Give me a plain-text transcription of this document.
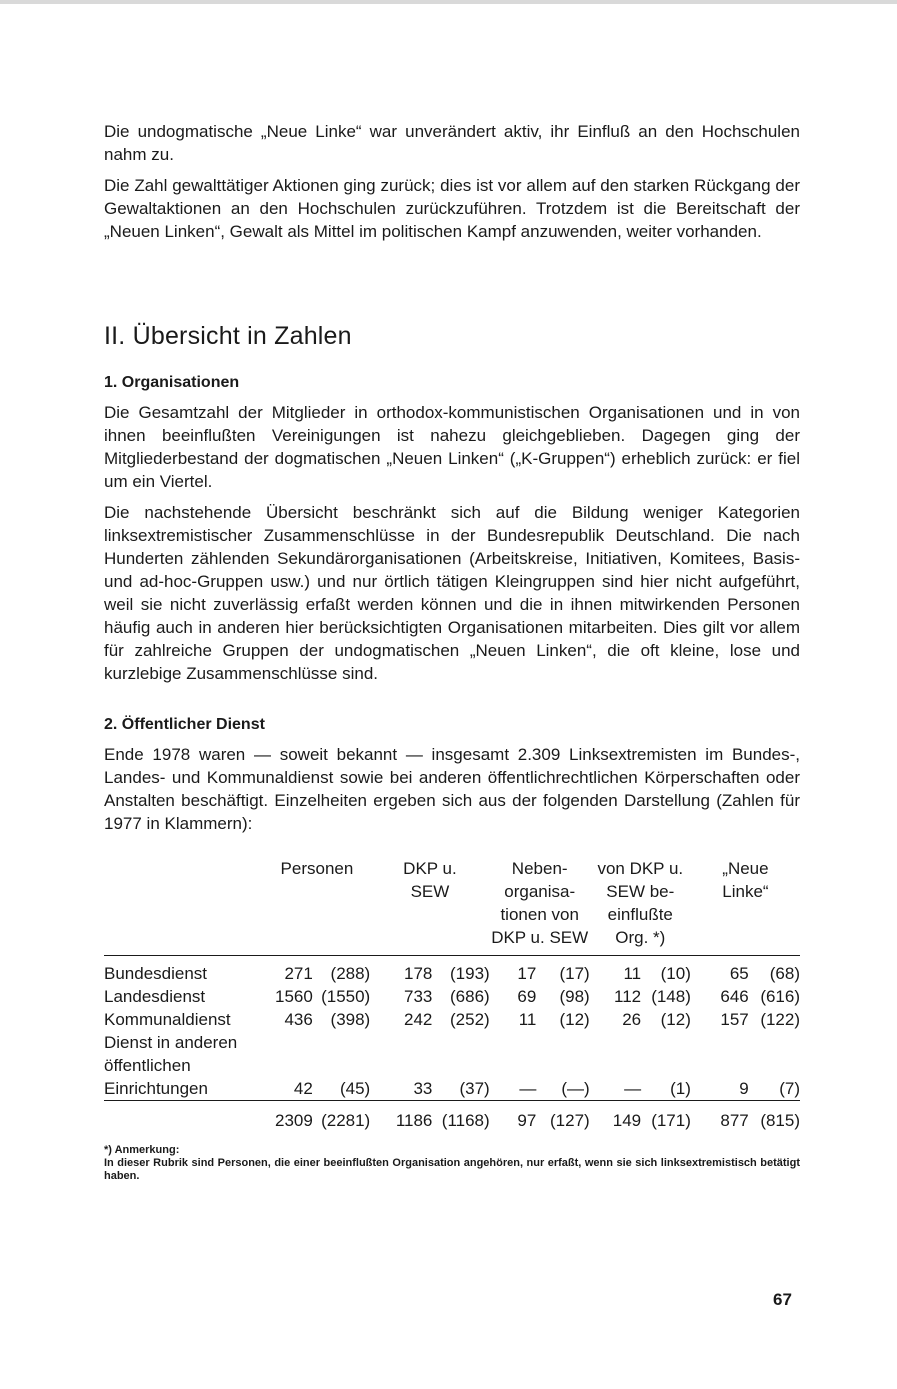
Die undogmatische „Neue Linke“ war unverändert aktiv, ihr Einfluß an den Hochschulen nahm zu.

Die Zahl gewalttätiger Aktionen ging zurück; dies ist vor allem auf den starken Rückgang der Gewaltaktionen an den Hochschulen zurückzuführen. Trotzdem ist die Bereitschaft der „Neuen Linken“, Gewalt als Mittel im politischen Kampf anzuwenden, weiter vorhanden.

II. Übersicht in Zahlen
1. Organisationen

Die Gesamtzahl der Mitglieder in orthodox-kommunistischen Organisationen und in von ihnen beeinflußten Vereinigungen ist nahezu gleichgeblieben. Dagegen ging der Mitgliederbestand der dogmatischen „Neuen Linken“ („K-Gruppen“) erheblich zurück: er fiel um ein Viertel.

Die nachstehende Übersicht beschränkt sich auf die Bildung weniger Kategorien linksextremistischer Zusammenschlüsse in der Bundesrepublik Deutschland. Die nach Hunderten zählenden Sekundärorganisationen (Arbeitskreise, Initiativen, Komitees, Basis- und ad-hoc-Gruppen usw.) und nur örtlich tätigen Kleingruppen sind hier nicht aufgeführt, weil sie nicht zuverlässig erfaßt werden können und die in ihnen mitwirkenden Personen häufig auch in anderen hier berücksichtigten Organisationen mitarbeiten. Dies gilt vor allem für zahlreiche Gruppen der undogmatischen „Neuen Linken“, die oft kleine, lose und kurzlebige Zusammenschlüsse sind.

2. Öffentlicher Dienst

Ende 1978 waren — soweit bekannt — insgesamt 2.309 Linksextremisten im Bundes-, Landes- und Kommunaldienst sowie bei anderen öffentlichrechtlichen Körperschaften oder Anstalten beschäftigt. Einzelheiten ergeben sich aus der folgenden Darstellung (Zahlen für 1977 in Klammern):

	Personen		DKP u. SEW		Neben-organisa-tionen von DKP u. SEW		von DKP u. SEW be-einflußte Org. *)		„Neue Linke“	
Bundesdienst	271	(288)	178	(193)	17	(17)	11	(10)	65	(68)
Landesdienst	1560	(1550)	733	(686)	69	(98)	112	(148)	646	(616)
Kommunaldienst	436	(398)	242	(252)	11	(12)	26	(12)	157	(122)
Dienst in anderen öffentlichen Einrichtungen	42	(45)	33	(37)	—	(—)	—	(1)	9	(7)
	2309	(2281)	1186	(1168)	97	(127)	149	(171)	877	(815)
*) Anmerkung:
In dieser Rubrik sind Personen, die einer beeinflußten Organisation angehören, nur erfaßt, wenn sie sich linksextremistisch betätigt haben.
67
